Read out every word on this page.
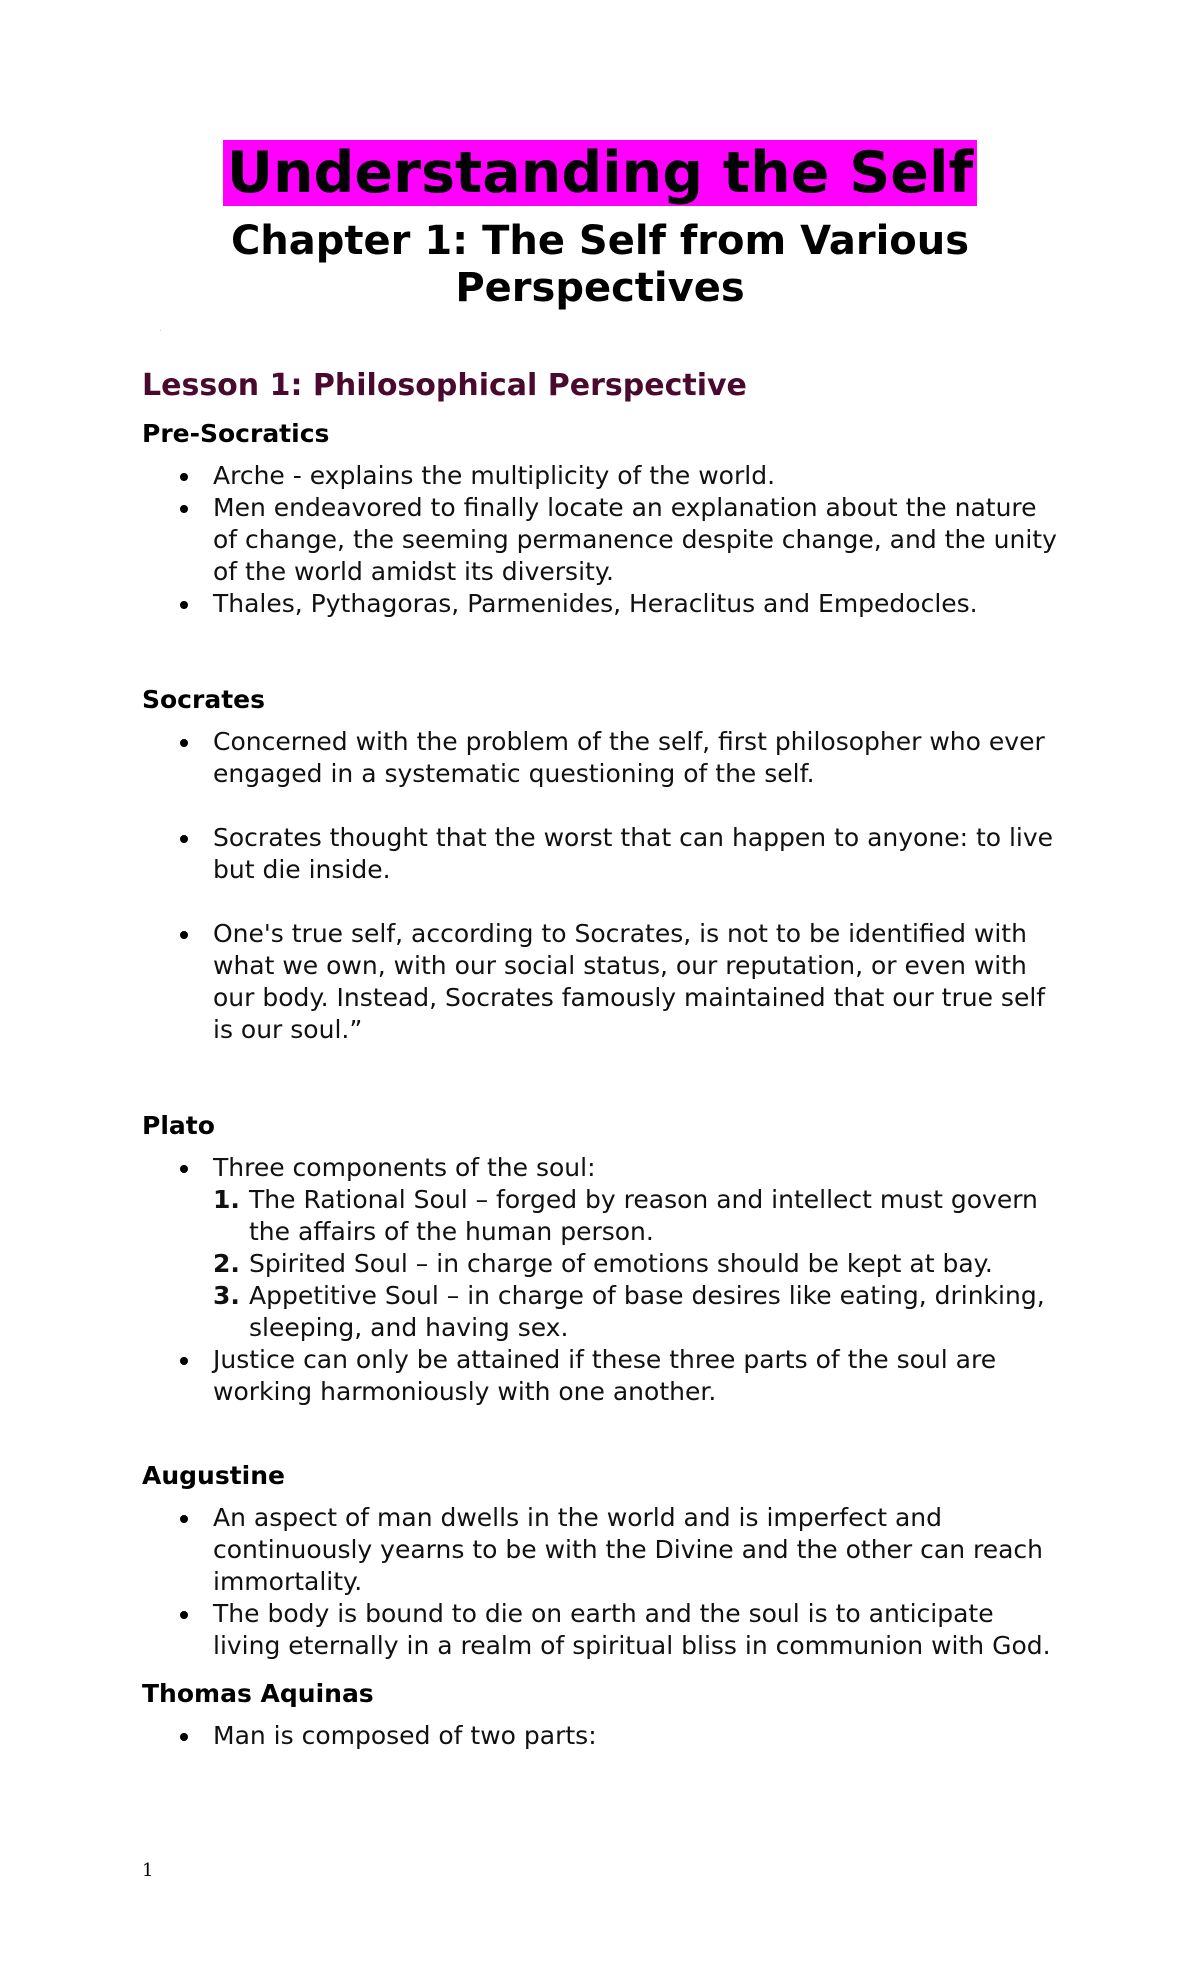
Understanding the Self
Chapter 1: The Self from Various Perspectives
Lesson 1: Philosophical Perspective
Pre-Socratics
Arche - explains the multiplicity of the world.
Men endeavored to finally locate an explanation about the nature of change, the seeming permanence despite change, and the unity of the world amidst its diversity.
Thales, Pythagoras, Parmenides, Heraclitus and Empedocles.
Socrates
Concerned with the problem of the self, first philosopher who ever engaged in a systematic questioning of the self.
Socrates thought that the worst that can happen to anyone: to live but die inside.
One's true self, according to Socrates, is not to be identified with what we own, with our social status, our reputation, or even with our body. Instead, Socrates famously maintained that our true self is our soul.”
Plato
Three components of the soul:
1. The Rational Soul – forged by reason and intellect must govern the affairs of the human person.
2. Spirited Soul – in charge of emotions should be kept at bay.
3. Appetitive Soul – in charge of base desires like eating, drinking, sleeping, and having sex.
Justice can only be attained if these three parts of the soul are working harmoniously with one another.
Augustine
An aspect of man dwells in the world and is imperfect and continuously yearns to be with the Divine and the other can reach immortality.
The body is bound to die on earth and the soul is to anticipate living eternally in a realm of spiritual bliss in communion with God.
Thomas Aquinas
Man is composed of two parts:
1
